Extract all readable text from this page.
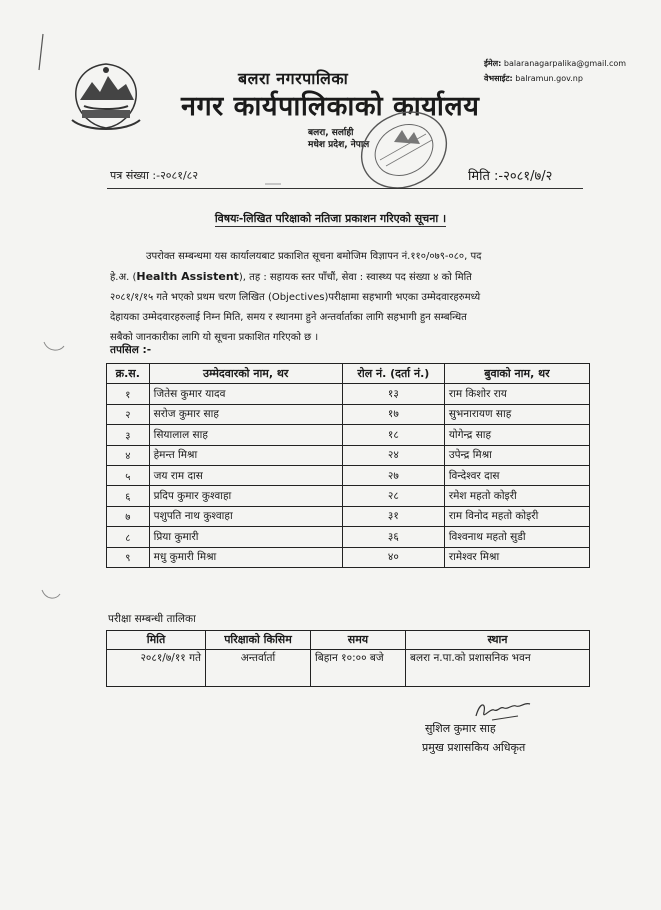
बलरा नगरपालिका
नगर कार्यपालिकाको कार्यालय
बलरा, सर्लाही
मधेश प्रदेश, नेपाल
ईमेल: balaranagarpalika@gmail.com
वेभसाईट: balramun.gov.np
पत्र संख्या :-२०८१/८२	मिति :-२०८१/७/२
विषयः-लिखित परिक्षाको नतिजा प्रकाशन गरिएको सूचना ।
उपरोक्त सम्बन्धमा यस कार्यालयबाट प्रकाशित सूचना बमोजिम विज्ञापन नं.११०/०७९-०८०, पद
हे.अ. (Health Assistent), तह : सहायक स्तर पाँचौं, सेवा : स्वास्थ्य पद संख्या ४ को मिति
२०८१/१/१५ गते भएको प्रथम चरण लिखित (Objectives)परीक्षामा सहभागी भएका उम्मेदवारहरुमध्ये
देहायका उम्मेदवारहरुलाई निम्न मिति, समय र स्थानमा हुने अन्तर्वार्ताका लागि सहभागी हुन सम्बन्धित
सबैको जानकारीका लागि यो सूचना प्रकाशित गरिएको छ ।
तपसिल :-
क्र.स.	उम्मेदवारको नाम, थर	रोल नं. (दर्ता नं.)	बुवाको नाम, थर
१	जितेस कुमार यादव	१३	राम किशोर राय
२	सरोज कुमार साह	१७	सुभनारायण साह
३	सियालाल साह	१८	योगेन्द्र साह
४	हेमन्त मिश्रा	२४	उपेन्द्र मिश्रा
५	जय राम दास	२७	विन्देश्वर दास
६	प्रदिप कुमार कुश्वाहा	२८	रमेश महतो कोइरी
७	पशुपति नाथ कुश्वाहा	३१	राम विनोद महतो कोइरी
८	प्रिया कुमारी	३६	विश्वनाथ महतो सुडी
९	मधु कुमारी मिश्रा	४०	रामेश्वर मिश्रा
परीक्षा सम्बन्धी तालिका
मिति	परिक्षाको किसिम	समय	स्थान
२०८१/७/११ गते	अन्तर्वार्ता	बिहान १०:०० बजे	बलरा न.पा.को प्रशासनिक भवन
सुशिल कुमार साह
प्रमुख प्रशासकिय अधिकृत
